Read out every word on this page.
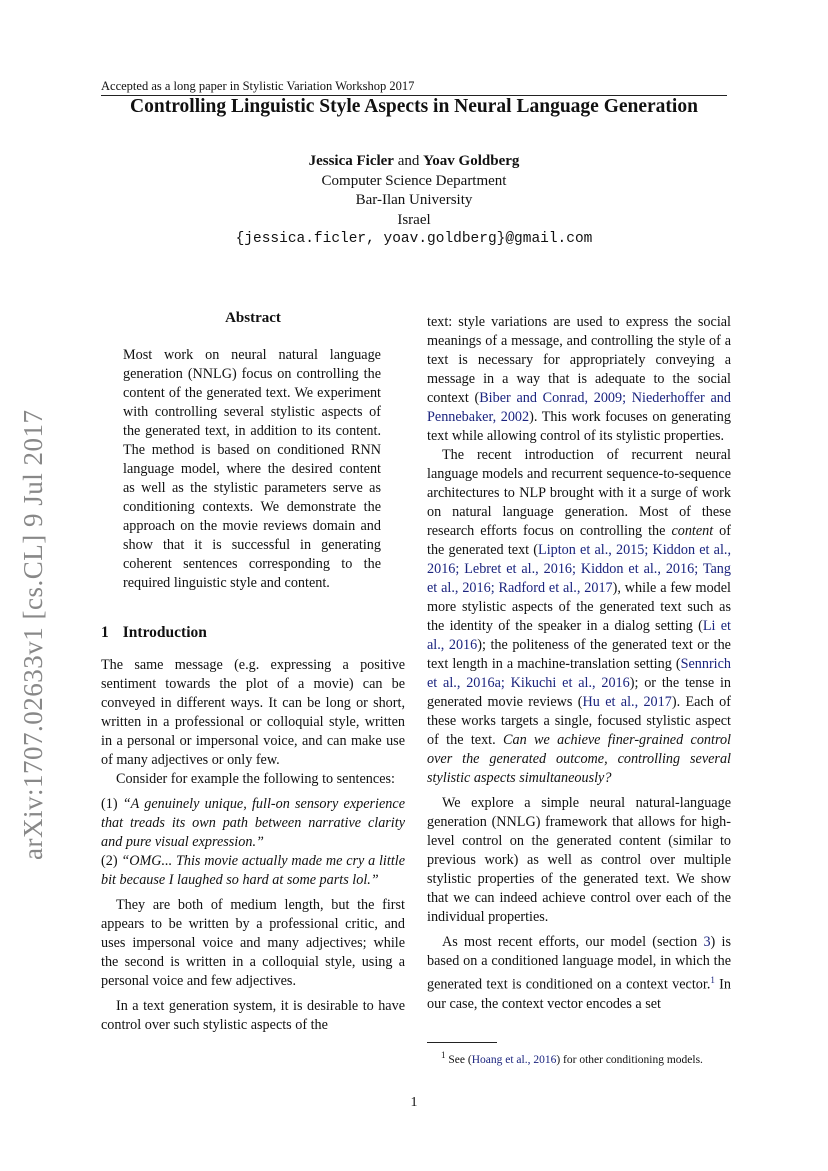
Accepted as a long paper in Stylistic Variation Workshop 2017
Controlling Linguistic Style Aspects in Neural Language Generation
Jessica Ficler and Yoav Goldberg
Computer Science Department
Bar-Ilan University
Israel
{jessica.ficler, yoav.goldberg}@gmail.com
arXiv:1707.02633v1 [cs.CL] 9 Jul 2017
Abstract
Most work on neural natural language generation (NNLG) focus on controlling the content of the generated text. We experiment with controlling several stylistic aspects of the generated text, in addition to its content. The method is based on conditioned RNN language model, where the desired content as well as the stylistic parameters serve as conditioning contexts. We demonstrate the approach on the movie reviews domain and show that it is successful in generating coherent sentences corresponding to the required linguistic style and content.
1 Introduction

The same message (e.g. expressing a positive sentiment towards the plot of a movie) can be conveyed in different ways. It can be long or short, written in a professional or colloquial style, written in a personal or impersonal voice, and can make use of many adjectives or only few.

Consider for example the following to sentences:

(1) “A genuinely unique, full-on sensory experience that treads its own path between narrative clarity and pure visual expression.”

(2) “OMG... This movie actually made me cry a little bit because I laughed so hard at some parts lol.”

They are both of medium length, but the first appears to be written by a professional critic, and uses impersonal voice and many adjectives; while the second is written in a colloquial style, using a personal voice and few adjectives.

In a text generation system, it is desirable to have control over such stylistic aspects of the

text: style variations are used to express the social meanings of a message, and controlling the style of a text is necessary for appropriately conveying a message in a way that is adequate to the social context (Biber and Conrad, 2009; Niederhoffer and Pennebaker, 2002). This work focuses on generating text while allowing control of its stylistic properties.

The recent introduction of recurrent neural language models and recurrent sequence-to-sequence architectures to NLP brought with it a surge of work on natural language generation. Most of these research efforts focus on controlling the content of the generated text (Lipton et al., 2015; Kiddon et al., 2016; Lebret et al., 2016; Kiddon et al., 2016; Tang et al., 2016; Radford et al., 2017), while a few model more stylistic aspects of the generated text such as the identity of the speaker in a dialog setting (Li et al., 2016); the politeness of the generated text or the text length in a machine-translation setting (Sennrich et al., 2016a; Kikuchi et al., 2016); or the tense in generated movie reviews (Hu et al., 2017). Each of these works targets a single, focused stylistic aspect of the text. Can we achieve finer-grained control over the generated outcome, controlling several stylistic aspects simultaneously?

We explore a simple neural natural-language generation (NNLG) framework that allows for high-level control on the generated content (similar to previous work) as well as control over multiple stylistic properties of the generated text. We show that we can indeed achieve control over each of the individual properties.

As most recent efforts, our model (section 3) is based on a conditioned language model, in which the generated text is conditioned on a context vector.$^1$ In our case, the context vector encodes a set

$^1$ See (Hoang et al., 2016) for other conditioning models.
1
